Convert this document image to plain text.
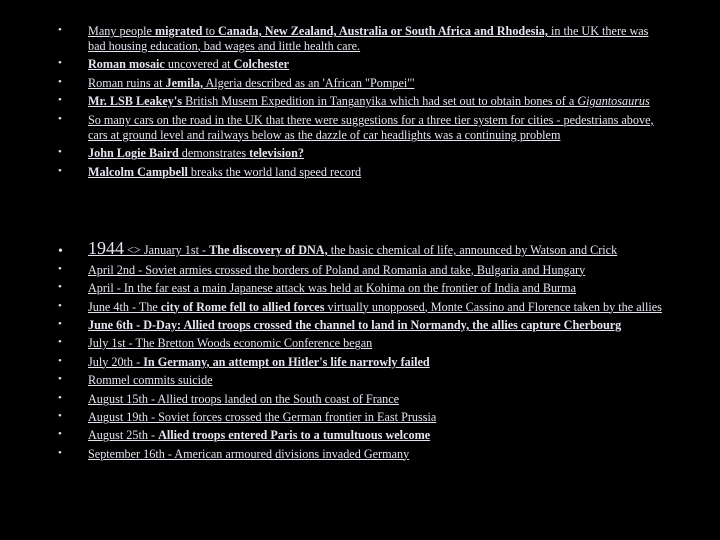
• Many people migrated to Canada, New Zealand, Australia or South Africa and Rhodesia, in the UK there was bad housing education, bad wages and little health care.
• Roman mosaic uncovered at Colchester
• Roman ruins at Jemila, Algeria described as an 'African "Pompei"'
• Mr. LSB Leakey's British Musem Expedition in Tanganyika which had set out to obtain bones of a Gigantosaurus
• So many cars on the road in the UK that there were suggestions for a three tier system for cities - pedestrians above, cars at ground level and railways below as the dazzle of car headlights was a continuing problem
• John Logie Baird demonstrates television?
• Malcolm Campbell breaks the world land speed record
• 1944 <> January 1st - The discovery of DNA, the basic chemical of life, announced by Watson and Crick
• April 2nd - Soviet armies crossed the borders of Poland and Romania and take, Bulgaria and Hungary
• April - In the far east a main Japanese attack was held at Kohima on the frontier of India and Burma
• June 4th - The city of Rome fell to allied forces virtually unopposed, Monte Cassino and Florence taken by the allies
• June 6th - D-Day: Allied troops crossed the channel to land in Normandy, the allies capture Cherbourg
• July 1st - The Bretton Woods economic Conference began
• July 20th - In Germany, an attempt on Hitler's life narrowly failed
• Rommel commits suicide
• August 15th - Allied troops landed on the South coast of France
• August 19th - Soviet forces crossed the German frontier in East Prussia
• August 25th - Allied troops entered Paris to a tumultuous welcome
• September 16th - American armoured divisions invaded Germany
